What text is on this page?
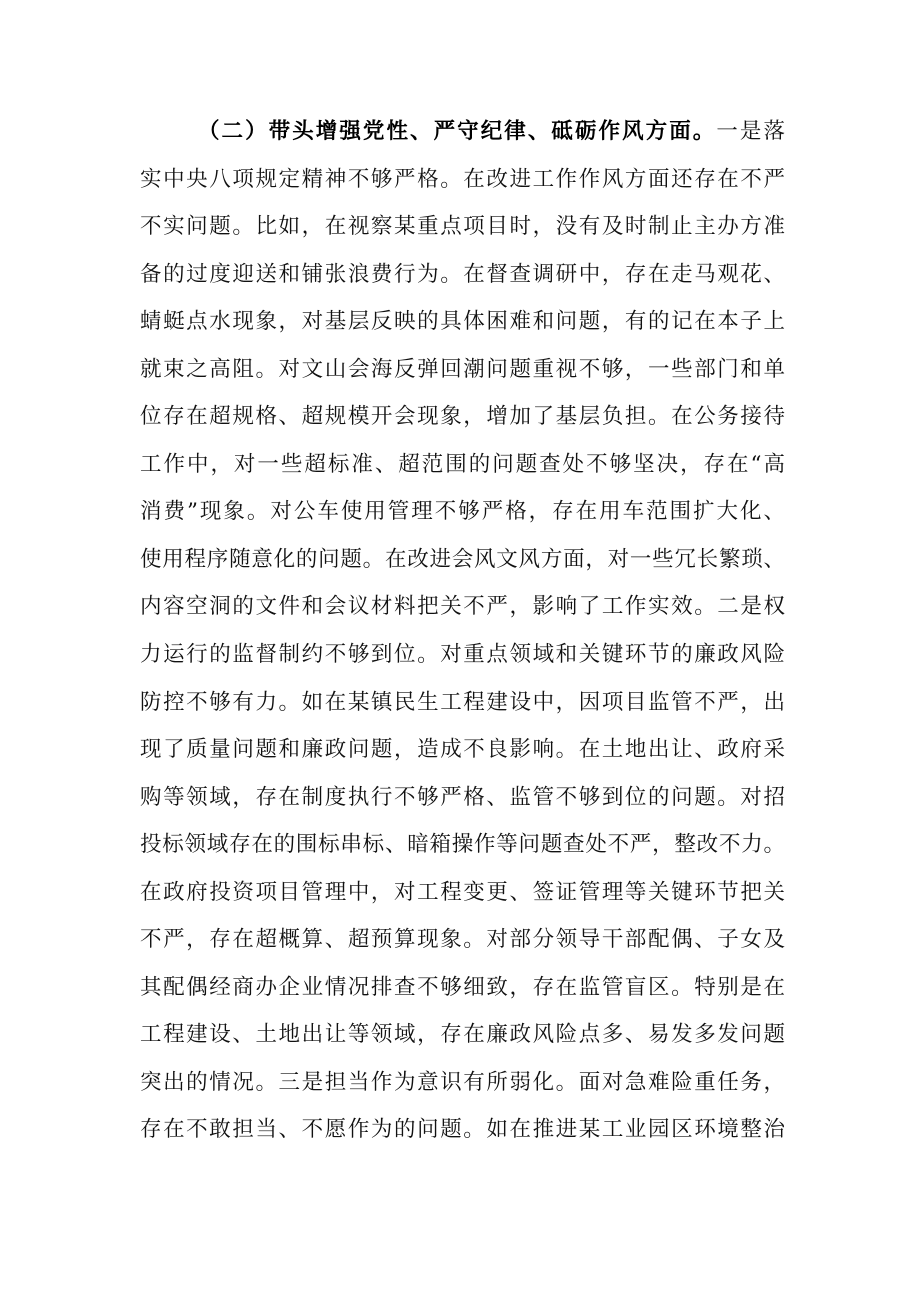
（二）带头增强党性、严守纪律、砥砺作风方面。一是落
实中央八项规定精神不够严格。在改进工作作风方面还存在不严
不实问题。比如，在视察某重点项目时，没有及时制止主办方准
备的过度迎送和铺张浪费行为。在督查调研中，存在走马观花、
蜻蜓点水现象，对基层反映的具体困难和问题，有的记在本子上
就束之高阻。对文山会海反弹回潮问题重视不够，一些部门和单
位存在超规格、超规模开会现象，增加了基层负担。在公务接待
工作中，对一些超标准、超范围的问题查处不够坚决，存在“高
消费”现象。对公车使用管理不够严格，存在用车范围扩大化、
使用程序随意化的问题。在改进会风文风方面，对一些冗长繁琐、
内容空洞的文件和会议材料把关不严，影响了工作实效。二是权
力运行的监督制约不够到位。对重点领域和关键环节的廉政风险
防控不够有力。如在某镇民生工程建设中，因项目监管不严，出
现了质量问题和廉政问题，造成不良影响。在土地出让、政府采
购等领域，存在制度执行不够严格、监管不够到位的问题。对招
投标领域存在的围标串标、暗箱操作等问题查处不严，整改不力。
在政府投资项目管理中，对工程变更、签证管理等关键环节把关
不严，存在超概算、超预算现象。对部分领导干部配偶、子女及
其配偶经商办企业情况排查不够细致，存在监管盲区。特别是在
工程建设、土地出让等领域，存在廉政风险点多、易发多发问题
突出的情况。三是担当作为意识有所弱化。面对急难险重任务，
存在不敢担当、不愿作为的问题。如在推进某工业园区环境整治
